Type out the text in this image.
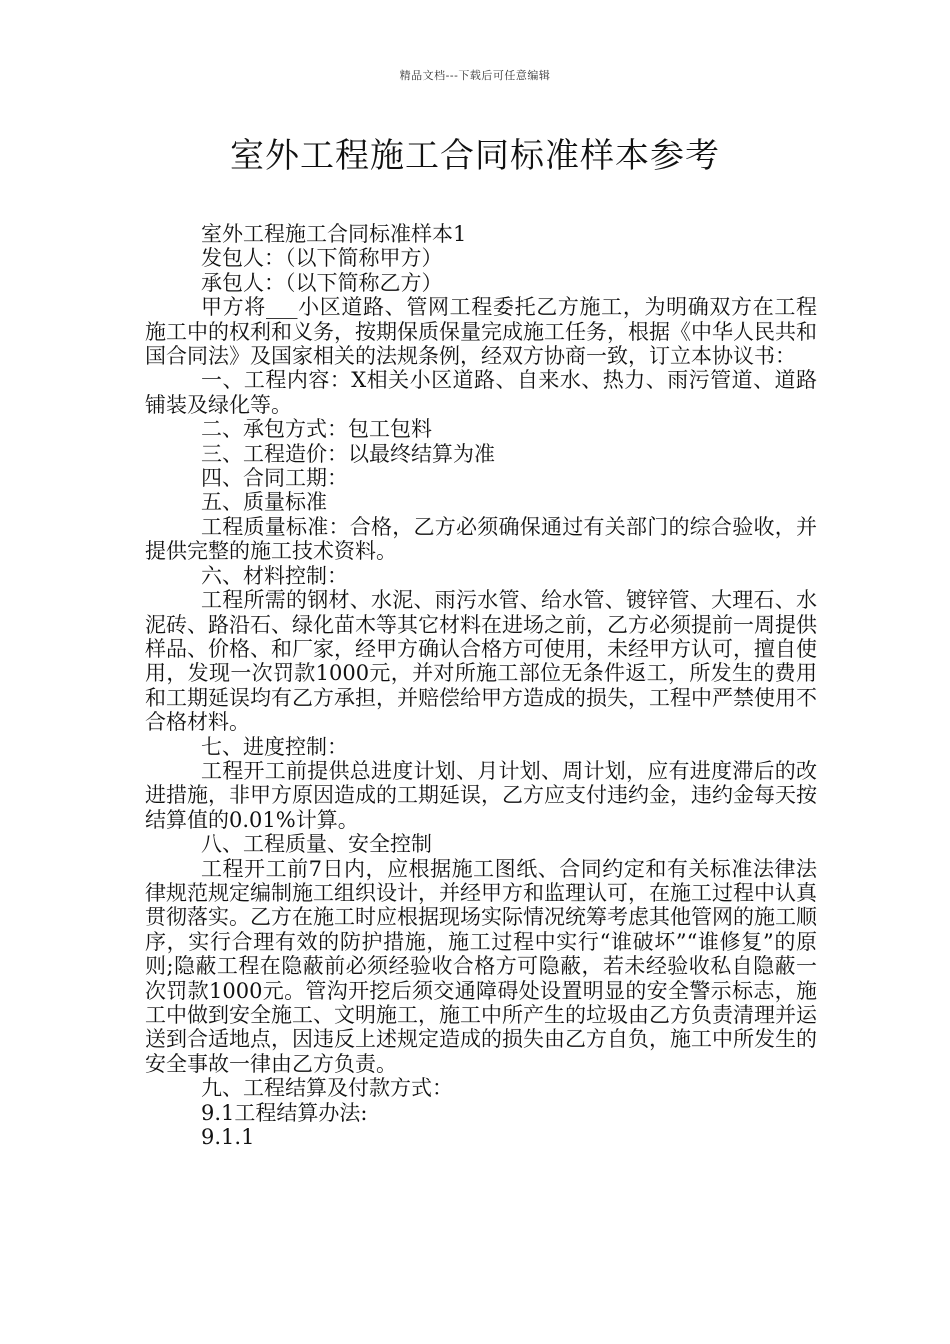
精品文档---下载后可任意编辑
室外工程施工合同标准样本参考

室外工程施工合同标准样本1

发包人：（以下简称甲方）

承包人：（以下简称乙方）

甲方将___小区道路、管网工程委托乙方施工，为明确双方在工程施工中的权利和义务，按期保质保量完成施工任务，根据《中华人民共和国合同法》及国家相关的法规条例，经双方协商一致，订立本协议书：

一、工程内容：X相关小区道路、自来水、热力、雨污管道、道路铺装及绿化等。

二、承包方式：包工包料

三、工程造价：以最终结算为准

四、合同工期：

五、质量标准

工程质量标准：合格，乙方必须确保通过有关部门的综合验收，并提供完整的施工技术资料。

六、材料控制：

工程所需的钢材、水泥、雨污水管、给水管、镀锌管、大理石、水泥砖、路沿石、绿化苗木等其它材料在进场之前，乙方必须提前一周提供样品、价格、和厂家，经甲方确认合格方可使用，未经甲方认可，擅自使用，发现一次罚款1000元，并对所施工部位无条件返工，所发生的费用和工期延误均有乙方承担，并赔偿给甲方造成的损失，工程中严禁使用不合格材料。

七、进度控制：

工程开工前提供总进度计划、月计划、周计划，应有进度滞后的改进措施，非甲方原因造成的工期延误，乙方应支付违约金，违约金每天按结算值的0.01%计算。

八、工程质量、安全控制

工程开工前7日内，应根据施工图纸、合同约定和有关标准法律法律规范规定编制施工组织设计，并经甲方和监理认可，在施工过程中认真贯彻落实。乙方在施工时应根据现场实际情况统筹考虑其他管网的施工顺序，实行合理有效的防护措施，施工过程中实行“谁破坏”“谁修复”的原则;隐蔽工程在隐蔽前必须经验收合格方可隐蔽，若未经验收私自隐蔽一次罚款1000元。管沟开挖后须交通障碍处设置明显的安全警示标志，施工中做到安全施工、文明施工，施工中所产生的垃圾由乙方负责清理并运送到合适地点，因违反上述规定造成的损失由乙方自负，施工中所发生的安全事故一律由乙方负责。

九、工程结算及付款方式：

9.1工程结算办法:

9.1.1
